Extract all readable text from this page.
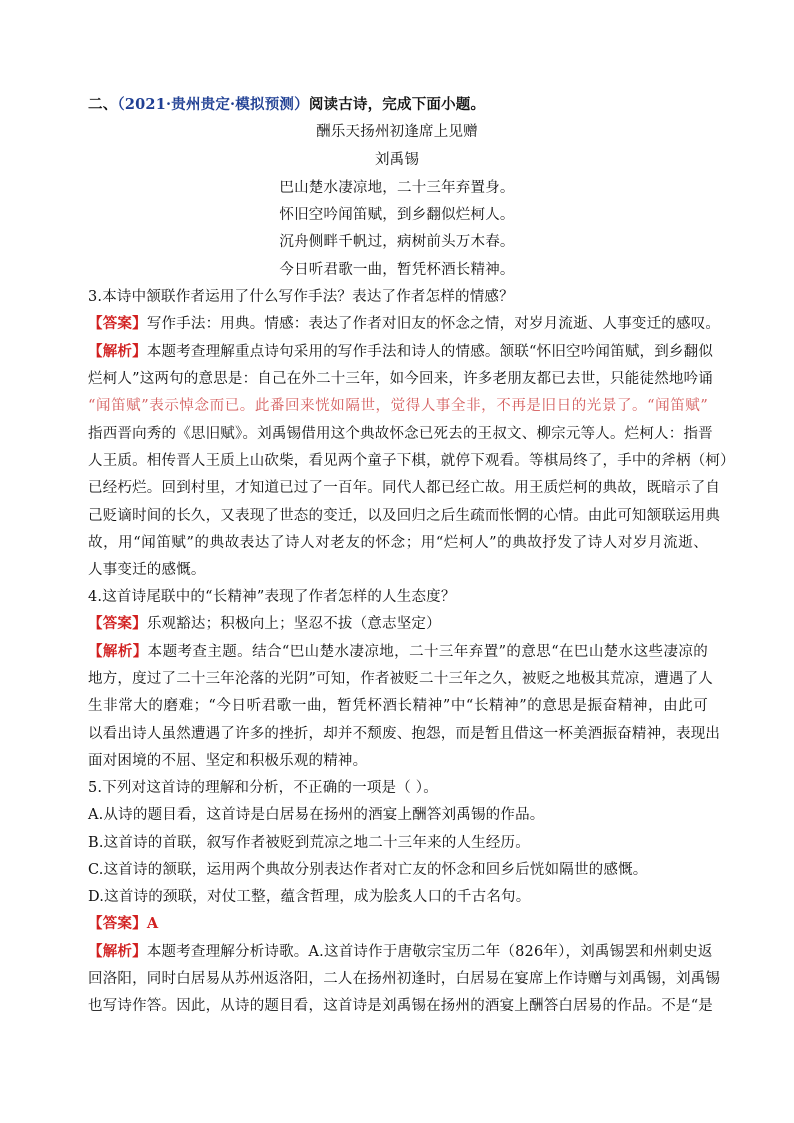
二、（2021·贵州贵定·模拟预测）阅读古诗，完成下面小题。
酬乐天扬州初逢席上见赠
刘禹锡
巴山楚水凄凉地，二十三年弃置身。
怀旧空吟闻笛赋，到乡翻似烂柯人。
沉舟侧畔千帆过，病树前头万木春。
今日听君歌一曲，暂凭杯酒长精神。
3.本诗中颔联作者运用了什么写作手法？表达了作者怎样的情感？
【答案】写作手法：用典。情感：表达了作者对旧友的怀念之情，对岁月流逝、人事变迁的感叹。
【解析】本题考查理解重点诗句采用的写作手法和诗人的情感。颔联“怀旧空吟闻笛赋，到乡翻似
烂柯人”这两句的意思是：自己在外二十三年，如今回来，许多老朋友都已去世，只能徒然地吟诵
“闻笛赋”表示悼念而已。此番回来恍如隔世，觉得人事全非，不再是旧日的光景了。“闻笛赋”
指西晋向秀的《思旧赋》。刘禹锡借用这个典故怀念已死去的王叔文、柳宗元等人。烂柯人：指晋
人王质。相传晋人王质上山砍柴，看见两个童子下棋，就停下观看。等棋局终了，手中的斧柄（柯）
已经朽烂。回到村里，才知道已过了一百年。同代人都已经亡故。用王质烂柯的典故，既暗示了自
己贬谪时间的长久，又表现了世态的变迁，以及回归之后生疏而怅惘的心情。由此可知颔联运用典
故，用“闻笛赋”的典故表达了诗人对老友的怀念；用“烂柯人”的典故抒发了诗人对岁月流逝、
人事变迁的感慨。
4.这首诗尾联中的“长精神”表现了作者怎样的人生态度？
【答案】乐观豁达；积极向上；坚忍不拔（意志坚定）
【解析】本题考查主题。结合“巴山楚水凄凉地，二十三年弃置”的意思“在巴山楚水这些凄凉的
地方，度过了二十三年沦落的光阴”可知，作者被贬二十三年之久，被贬之地极其荒凉，遭遇了人
生非常大的磨难；“今日听君歌一曲，暂凭杯酒长精神”中“长精神”的意思是振奋精神，由此可
以看出诗人虽然遭遇了许多的挫折，却并不颓废、抱怨，而是暂且借这一杯美酒振奋精神，表现出
面对困境的不屈、坚定和积极乐观的精神。
5.下列对这首诗的理解和分析，不正确的一项是（ ）。
A.从诗的题目看，这首诗是白居易在扬州的酒宴上酬答刘禹锡的作品。
B.这首诗的首联，叙写作者被贬到荒凉之地二十三年来的人生经历。
C.这首诗的颔联，运用两个典故分别表达作者对亡友的怀念和回乡后恍如隔世的感慨。
D.这首诗的颈联，对仗工整，蕴含哲理，成为脍炙人口的千古名句。
【答案】A
【解析】本题考查理解分析诗歌。A.这首诗作于唐敬宗宝历二年（826年），刘禹锡罢和州刺史返
回洛阳，同时白居易从苏州返洛阳，二人在扬州初逢时，白居易在宴席上作诗赠与刘禹锡，刘禹锡
也写诗作答。因此，从诗的题目看，这首诗是刘禹锡在扬州的酒宴上酬答白居易的作品。不是“是
